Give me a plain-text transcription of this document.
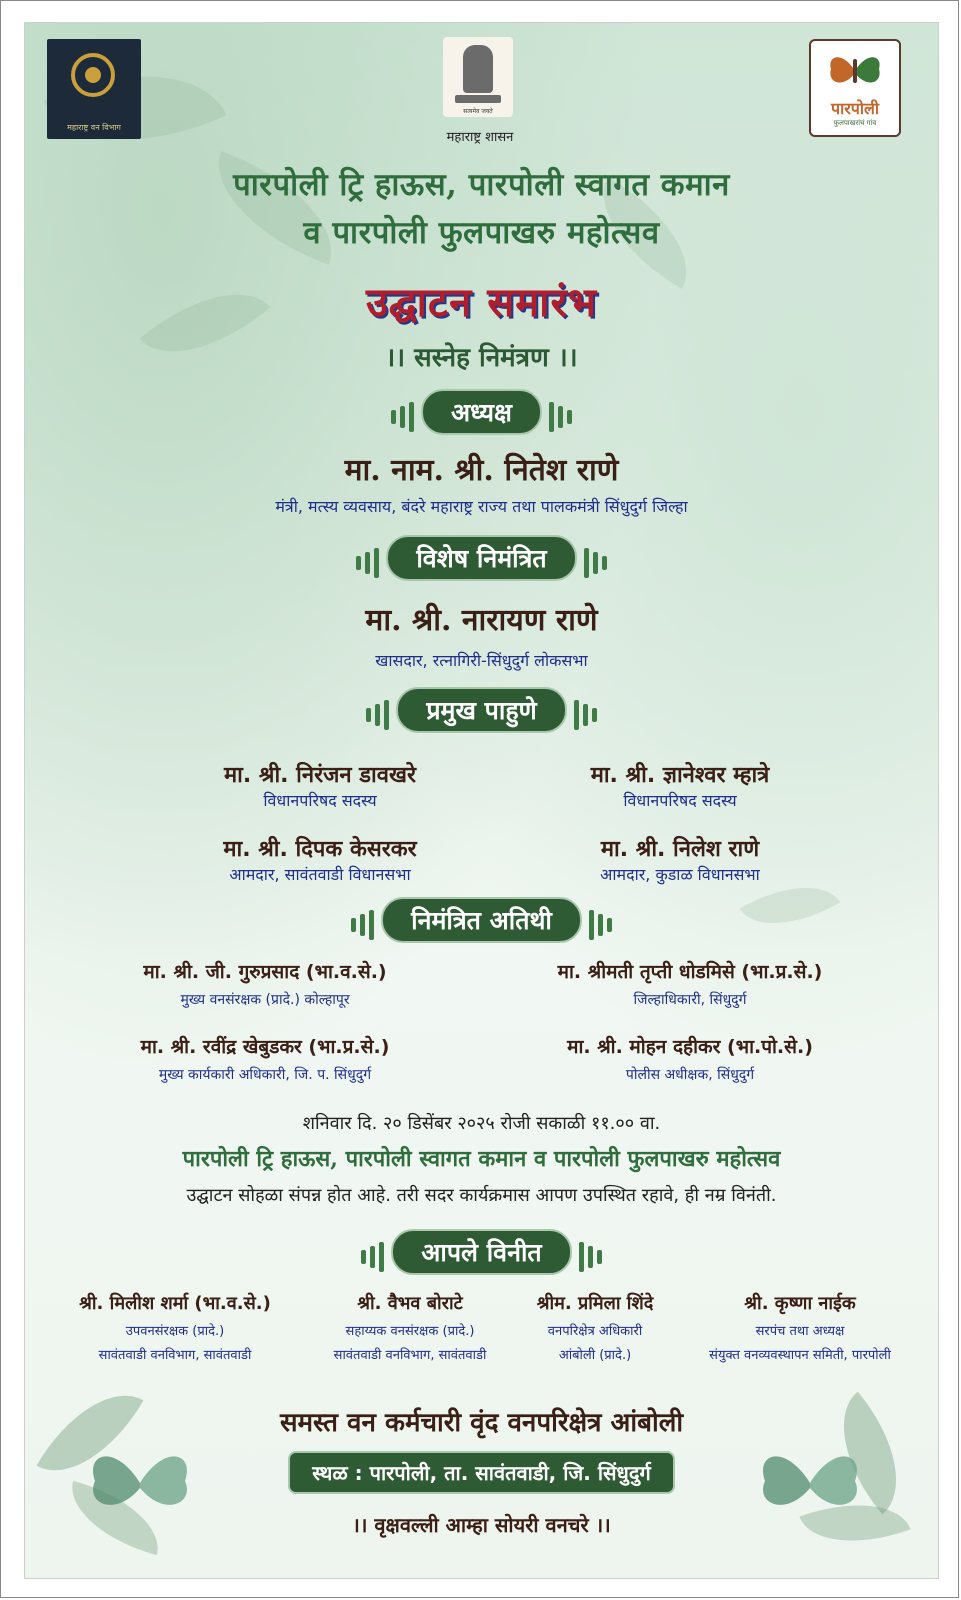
महाराष्ट्र वन विभाग
सत्यमेव जयते
महाराष्ट्र शासन
पारपोली
फुलपाखरांचं गांव
पारपोली ट्रि हाऊस, पारपोली स्वागत कमान
व पारपोली फुलपाखरु महोत्सव
उद्घाटन समारंभ
।। सस्नेह निमंत्रण ।।
अध्यक्ष
मा. नाम. श्री. नितेश राणे
मंत्री, मत्स्य व्यवसाय, बंदरे महाराष्ट्र राज्य तथा पालकमंत्री सिंधुदुर्ग जिल्हा
विशेष निमंत्रित
मा. श्री. नारायण राणे
खासदार, रत्नागिरी-सिंधुदुर्ग लोकसभा
प्रमुख पाहुणे
मा. श्री. निरंजन डावखरे
विधानपरिषद सदस्य
मा. श्री. ज्ञानेश्वर म्हात्रे
विधानपरिषद सदस्य
मा. श्री. दिपक केसरकर
आमदार, सावंतवाडी विधानसभा
मा. श्री. निलेश राणे
आमदार, कुडाळ विधानसभा
निमंत्रित अतिथी
मा. श्री. जी. गुरुप्रसाद (भा.व.से.)
मुख्य वनसंरक्षक (प्रादे.) कोल्हापूर
मा. श्रीमती तृप्ती धोडमिसे (भा.प्र.से.)
जिल्हाधिकारी, सिंधुदुर्ग
मा. श्री. रवींद्र खेबुडकर (भा.प्र.से.)
मुख्य कार्यकारी अधिकारी, जि. प. सिंधुदुर्ग
मा. श्री. मोहन दहीकर (भा.पो.से.)
पोलीस अधीक्षक, सिंधुदुर्ग
शनिवार दि. २० डिसेंबर २०२५ रोजी सकाळी ११.०० वा.
पारपोली ट्रि हाऊस, पारपोली स्वागत कमान व पारपोली फुलपाखरु महोत्सव
उद्घाटन सोहळा संपन्न होत आहे. तरी सदर कार्यक्रमास आपण उपस्थित रहावे, ही नम्र विनंती.
आपले विनीत
श्री. मिलीश शर्मा (भा.व.से.)
उपवनसंरक्षक (प्रादे.)
सावंतवाडी वनविभाग, सावंतवाडी
श्री. वैभव बोराटे
सहाय्यक वनसंरक्षक (प्रादे.)
सावंतवाडी वनविभाग, सावंतवाडी
श्रीम. प्रमिला शिंदे
वनपरिक्षेत्र अधिकारी
आंबोली (प्रादे.)
श्री. कृष्णा नाईक
सरपंच तथा अध्यक्ष
संयुक्त वनव्यवस्थापन समिती, पारपोली
समस्त वन कर्मचारी वृंद वनपरिक्षेत्र आंबोली
स्थळ : पारपोली, ता. सावंतवाडी, जि. सिंधुदुर्ग
।। वृक्षवल्ली आम्हा सोयरी वनचरे ।।
